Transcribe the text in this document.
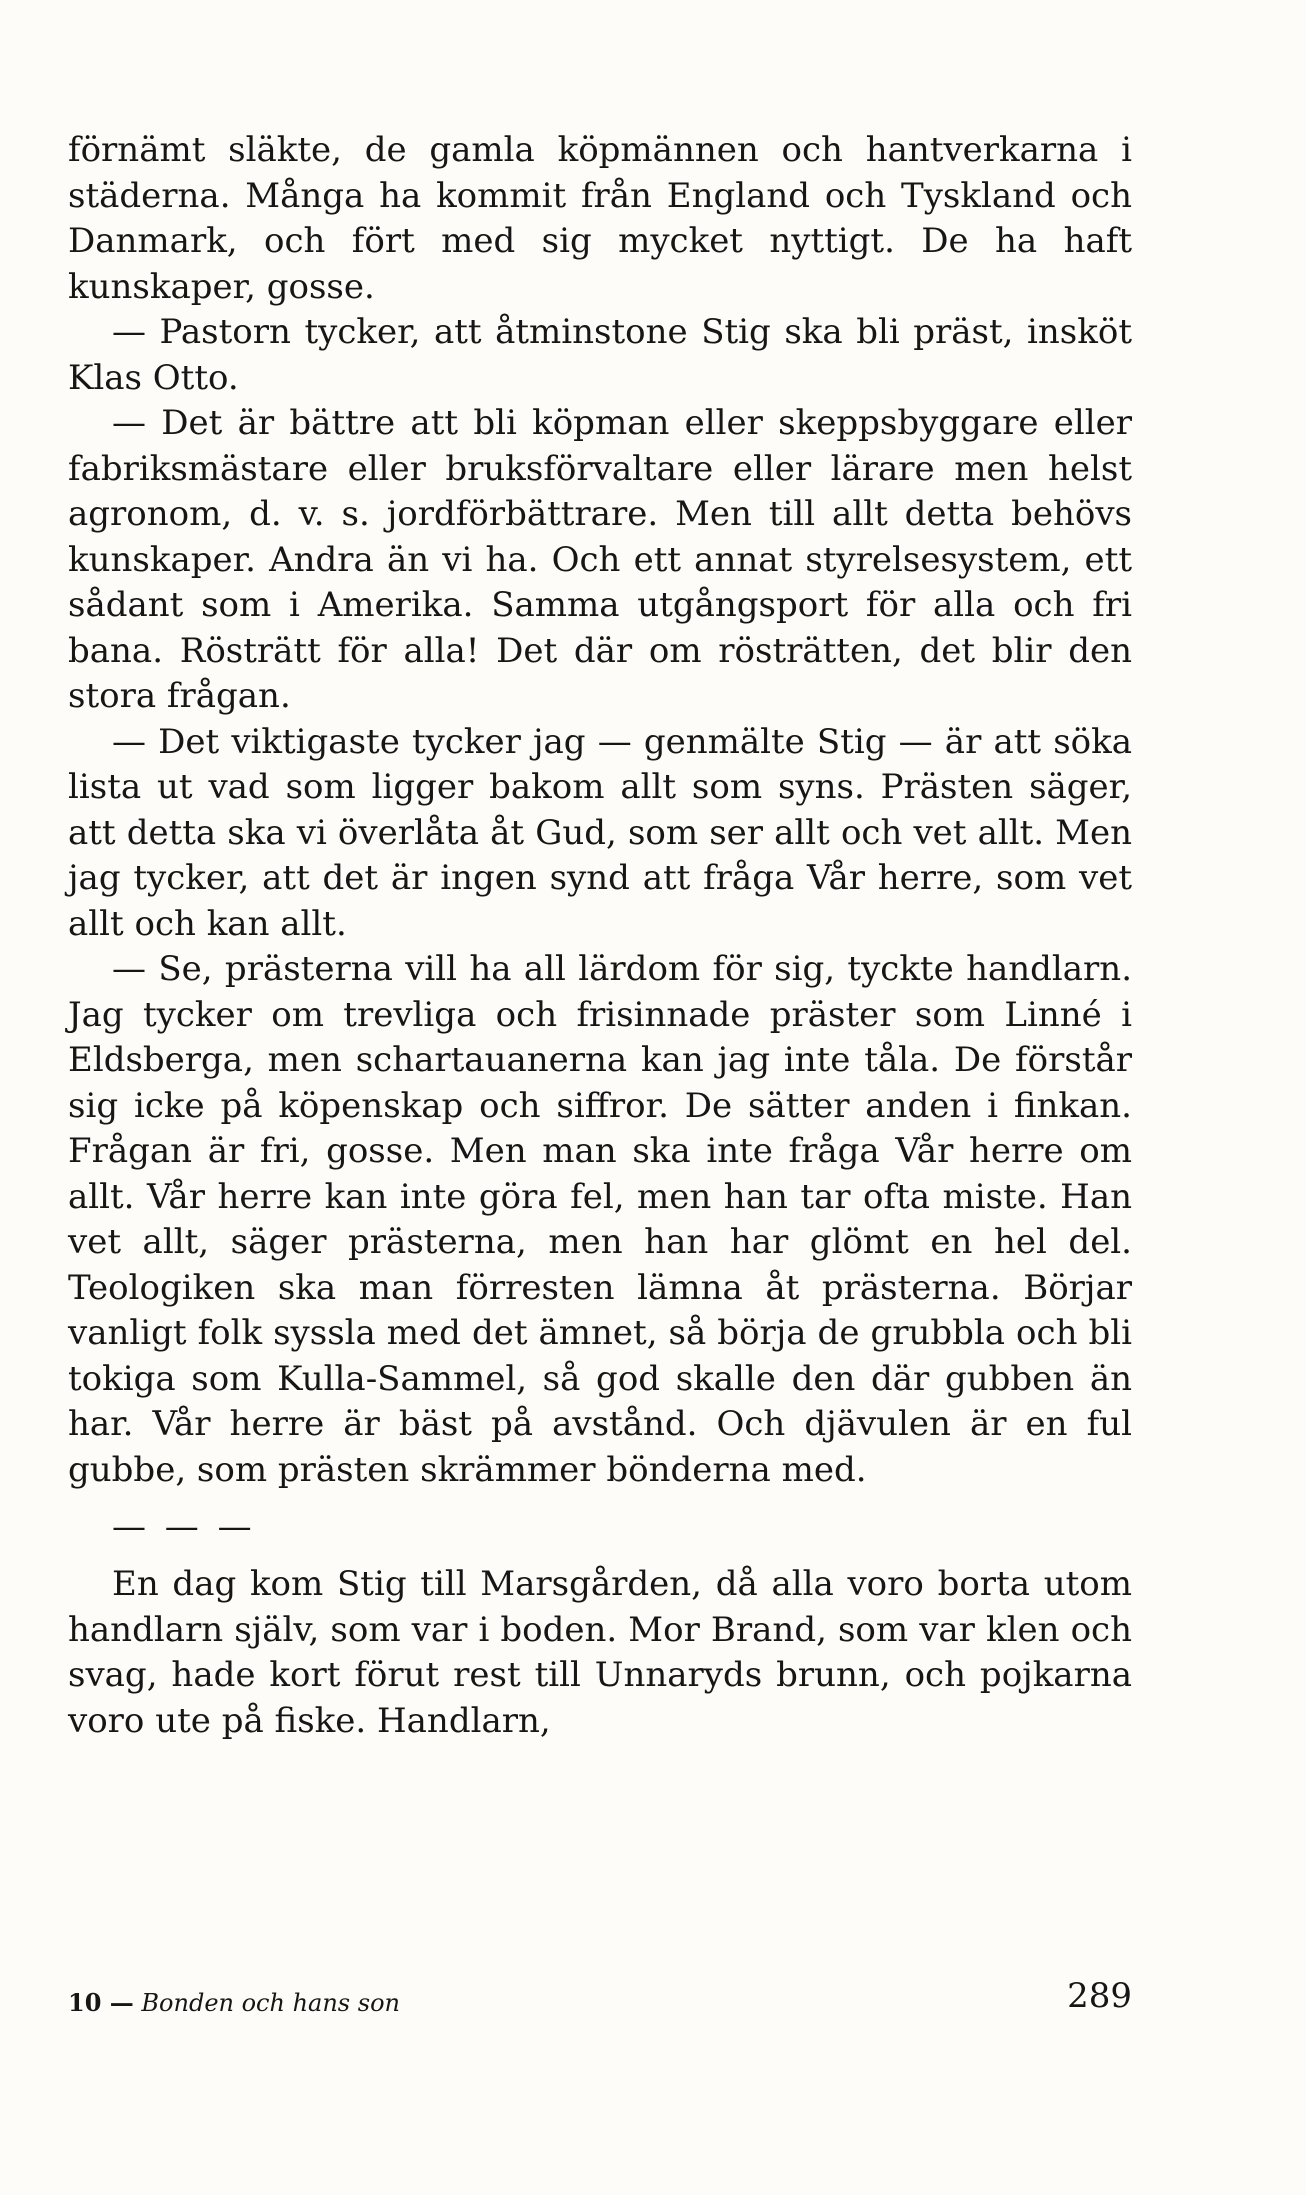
förnämt släkte, de gamla köpmännen och hantverkarna i städerna. Många ha kommit från England och Tyskland och Danmark, och fört med sig mycket nyttigt. De ha haft kunskaper, gosse.

— Pastorn tycker, att åtminstone Stig ska bli präst, insköt Klas Otto.

— Det är bättre att bli köpman eller skeppsbyggare eller fabriksmästare eller bruksförvaltare eller lärare men helst agronom, d. v. s. jordförbättrare. Men till allt detta behövs kunskaper. Andra än vi ha. Och ett annat styrelsesystem, ett sådant som i Amerika. Samma utgångsport för alla och fri bana. Rösträtt för alla! Det där om rösträtten, det blir den stora frågan.

— Det viktigaste tycker jag — genmälte Stig — är att söka lista ut vad som ligger bakom allt som syns. Prästen säger, att detta ska vi överlåta åt Gud, som ser allt och vet allt. Men jag tycker, att det är ingen synd att fråga Vår herre, som vet allt och kan allt.

— Se, prästerna vill ha all lärdom för sig, tyckte handlarn. Jag tycker om trevliga och frisinnade präster som Linné i Eldsberga, men schartauanerna kan jag inte tåla. De förstår sig icke på köpenskap och siffror. De sätter anden i finkan. Frågan är fri, gosse. Men man ska inte fråga Vår herre om allt. Vår herre kan inte göra fel, men han tar ofta miste. Han vet allt, säger prästerna, men han har glömt en hel del. Teologiken ska man förresten lämna åt prästerna. Börjar vanligt folk syssla med det ämnet, så börja de grubbla och bli tokiga som Kulla-Sammel, så god skalle den där gubben än har. Vår herre är bäst på avstånd. Och djävulen är en ful gubbe, som prästen skrämmer bönderna med.

— — —

En dag kom Stig till Marsgården, då alla voro borta utom handlarn själv, som var i boden. Mor Brand, som var klen och svag, hade kort förut rest till Unnaryds brunn, och pojkarna voro ute på fiske. Handlarn,

10 — Bonden och hans son	289
